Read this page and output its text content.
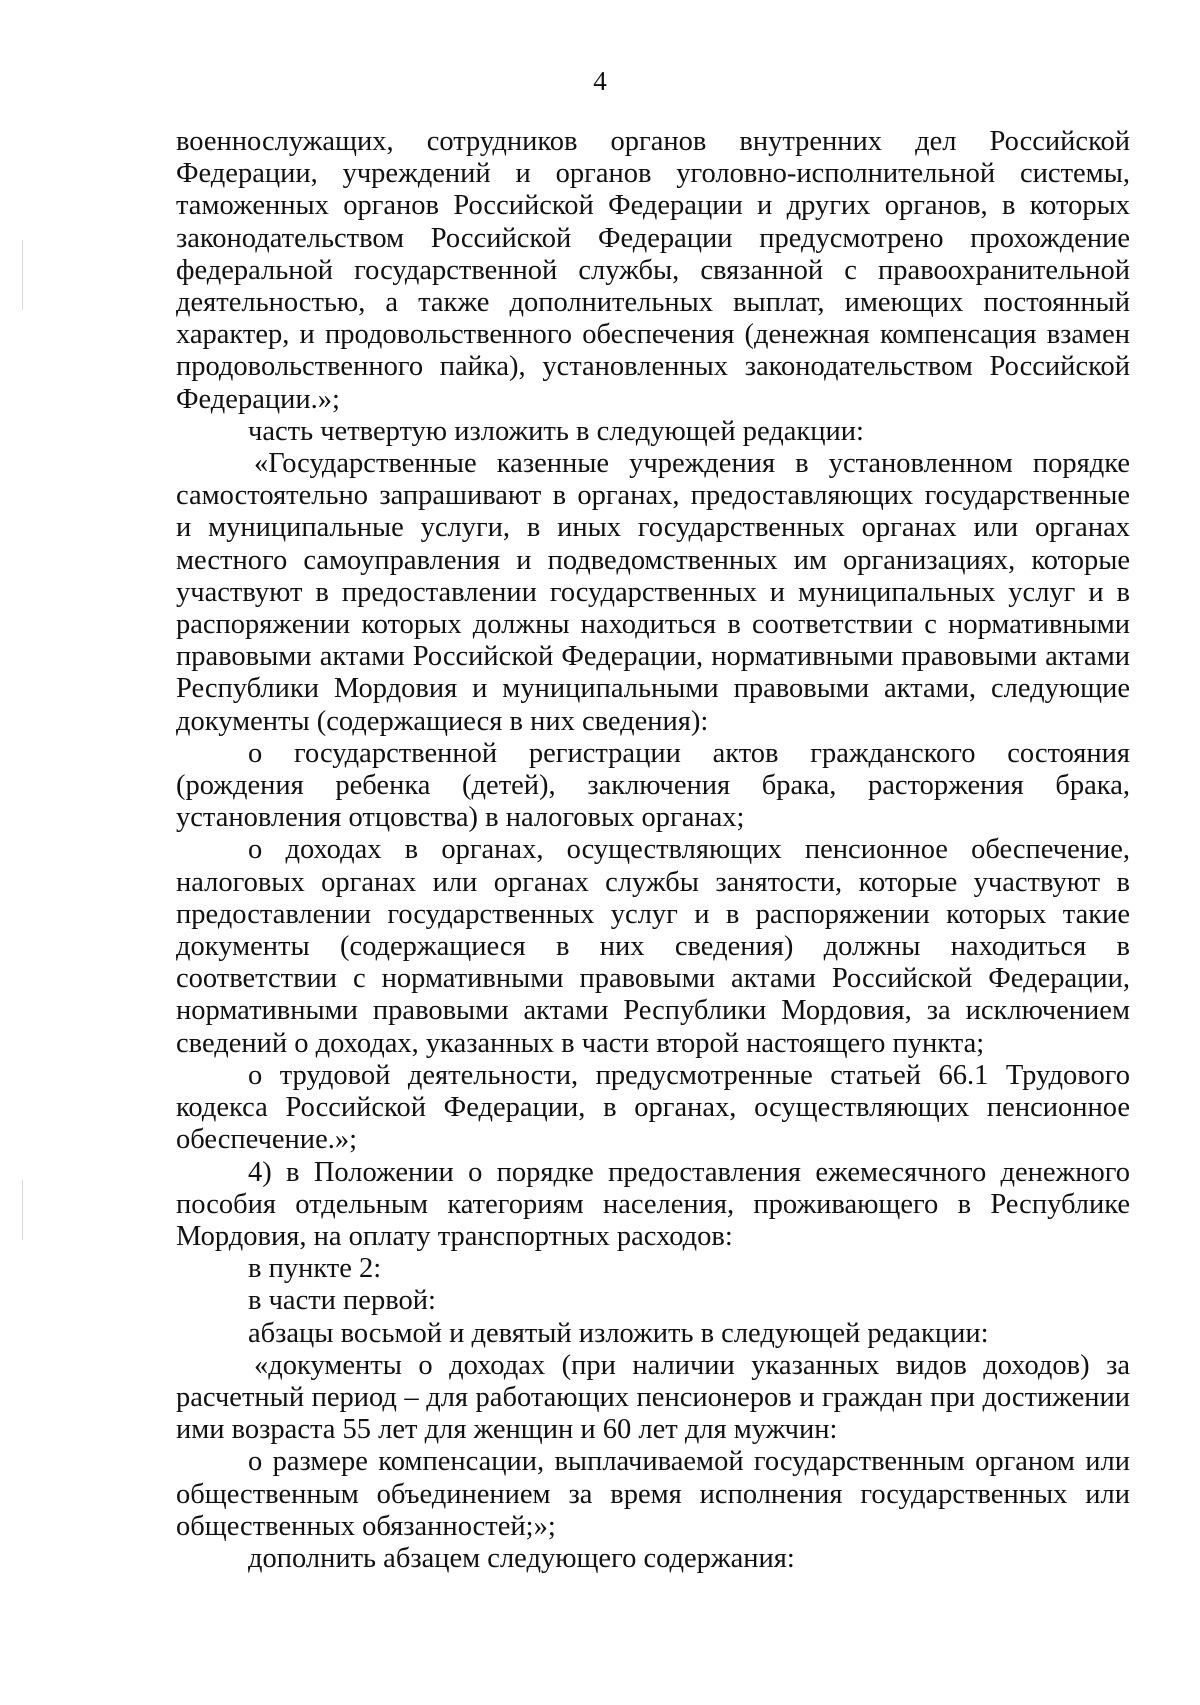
4

военнослужащих, сотрудников органов внутренних дел Российской Федерации, учреждений и органов уголовно-исполнительной системы, таможенных органов Российской Федерации и других органов, в которых законодательством Российской Федерации предусмотрено прохождение федеральной государственной службы, связанной с правоохранительной деятельностью, а также дополнительных выплат, имеющих постоянный характер, и продовольственного обеспечения (денежная компенсация взамен продовольственного пайка), установленных законодательством Российской Федерации.»;

часть четвертую изложить в следующей редакции:

«Государственные казенные учреждения в установленном порядке самостоятельно запрашивают в органах, предоставляющих государственные и муниципальные услуги, в иных государственных органах или органах местного самоуправления и подведомственных им организациях, которые участвуют в предоставлении государственных и муниципальных услуг и в распоряжении которых должны находиться в соответствии с нормативными правовыми актами Российской Федерации, нормативными правовыми актами Республики Мордовия и муниципальными правовыми актами, следующие документы (содержащиеся в них сведения):

о государственной регистрации актов гражданского состояния (рождения ребенка (детей), заключения брака, расторжения брака, установления отцовства) в налоговых органах;

о доходах в органах, осуществляющих пенсионное обеспечение, налоговых органах или органах службы занятости, которые участвуют в предоставлении государственных услуг и в распоряжении которых такие документы (содержащиеся в них сведения) должны находиться в соответствии с нормативными правовыми актами Российской Федерации, нормативными правовыми актами Республики Мордовия, за исключением сведений о доходах, указанных в части второй настоящего пункта;

о трудовой деятельности, предусмотренные статьей 66.1 Трудового кодекса Российской Федерации, в органах, осуществляющих пенсионное обеспечение.»;

4) в Положении о порядке предоставления ежемесячного денежного пособия отдельным категориям населения, проживающего в Республике Мордовия, на оплату транспортных расходов:

в пункте 2:

в части первой:

абзацы восьмой и девятый изложить в следующей редакции:

«документы о доходах (при наличии указанных видов доходов) за расчетный период – для работающих пенсионеров и граждан при достижении ими возраста 55 лет для женщин и 60 лет для мужчин:

о размере компенсации, выплачиваемой государственным органом или общественным объединением за время исполнения государственных или общественных обязанностей;»;

дополнить абзацем следующего содержания:
